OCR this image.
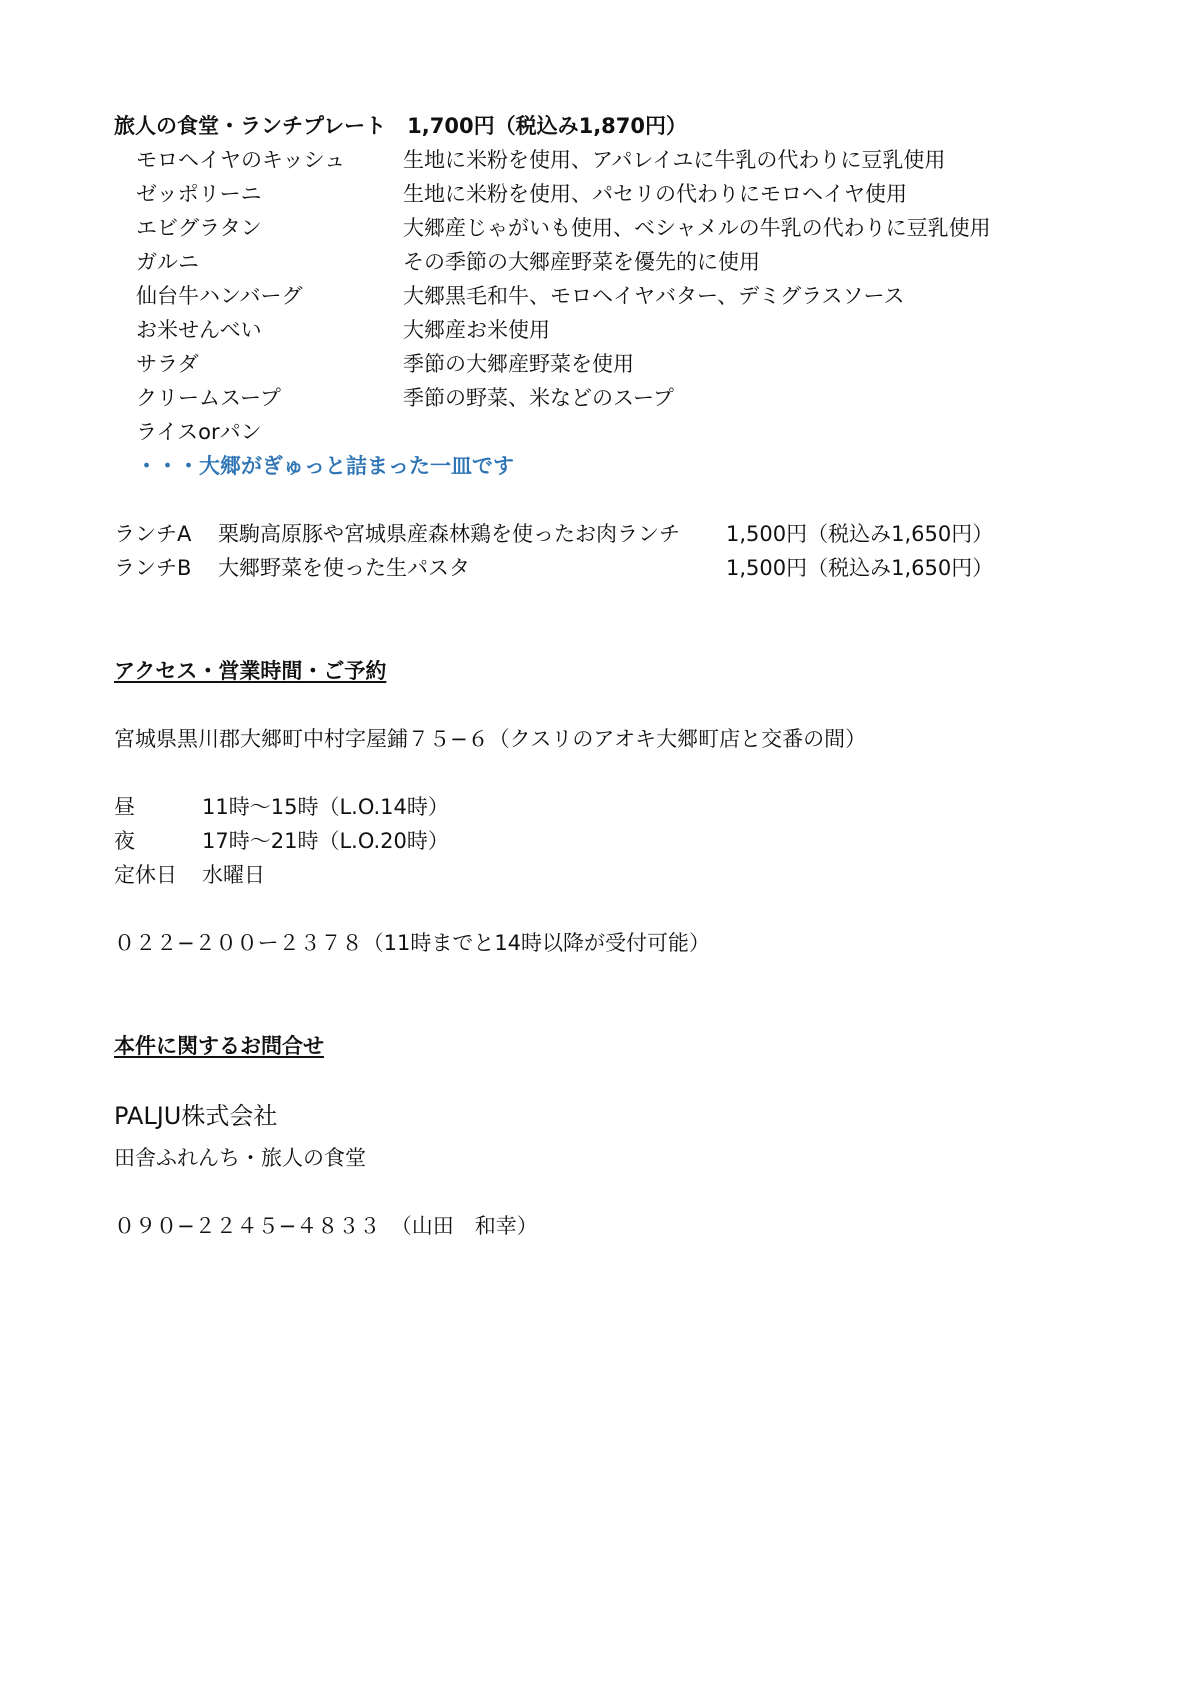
旅人の食堂・ランチプレート　1,700円（税込み1,870円）
モロヘイヤのキッシュ	生地に米粉を使用、アパレイユに牛乳の代わりに豆乳使用
ゼッポリーニ	生地に米粉を使用、パセリの代わりにモロヘイヤ使用
エビグラタン	大郷産じゃがいも使用、ベシャメルの牛乳の代わりに豆乳使用
ガルニ	その季節の大郷産野菜を優先的に使用
仙台牛ハンバーグ	大郷黒毛和牛、モロヘイヤバター、デミグラスソース
お米せんべい	大郷産お米使用
サラダ	季節の大郷産野菜を使用
クリームスープ	季節の野菜、米などのスープ
ライスorパン
・・・大郷がぎゅっと詰まった一皿です
ランチA 栗駒高原豚や宮城県産森林鶏を使ったお肉ランチ 1,500円（税込み1,650円）
ランチB 大郷野菜を使った生パスタ	1,500円（税込み1,650円）
アクセス・営業時間・ご予約
宮城県黒川郡大郷町中村字屋鋪７５−６（クスリのアオキ大郷町店と交番の間）
昼	11時〜15時（L.O.14時）
夜	17時〜21時（L.O.20時）
定休日 水曜日
０２２−２００ー２３７８（11時までと14時以降が受付可能）
本件に関するお問合せ
PALJU株式会社
田舎ふれんち・旅人の食堂
０９０−２２４５−４８３３　（山田　和幸）
